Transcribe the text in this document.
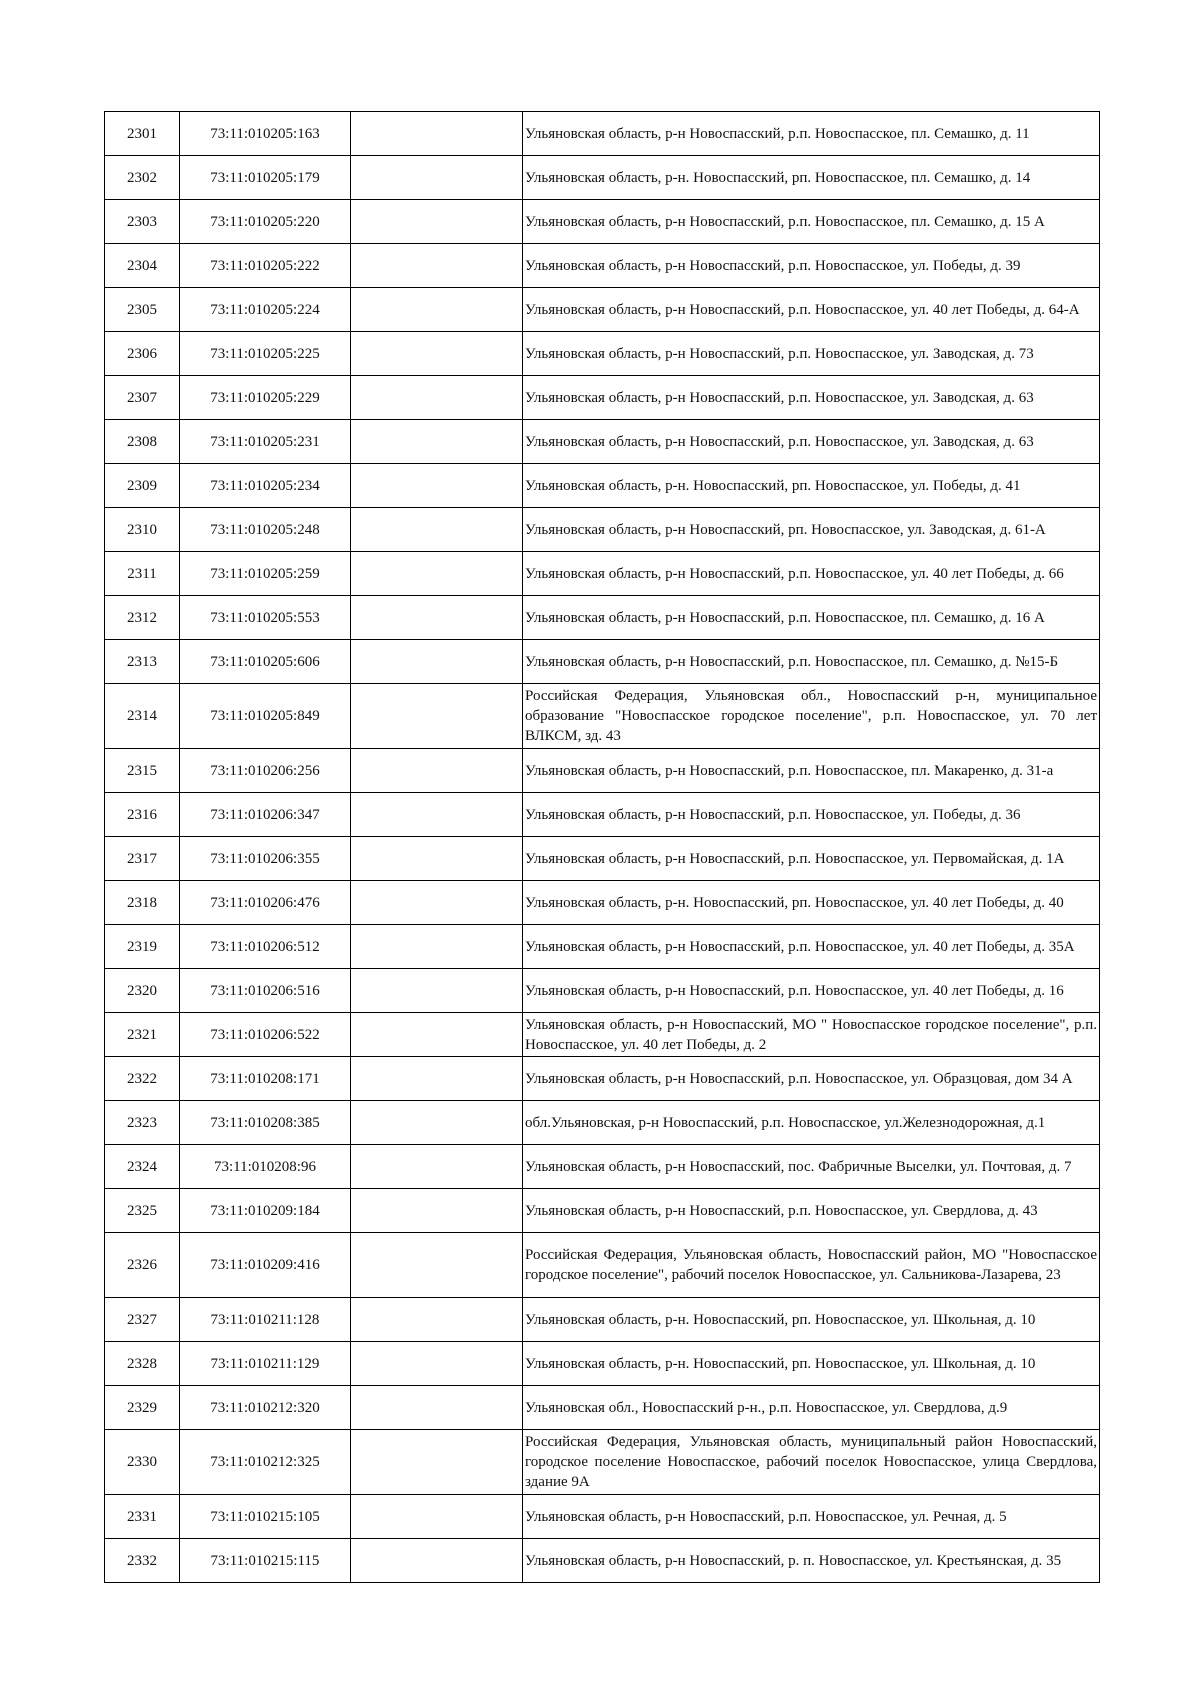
2301	73:11:010205:163		Ульяновская область, р-н Новоспасский, р.п. Новоспасское, пл. Семашко, д. 11
2302	73:11:010205:179		Ульяновская область, р-н. Новоспасский, рп. Новоспасское, пл. Семашко, д. 14
2303	73:11:010205:220		Ульяновская область, р-н Новоспасский, р.п. Новоспасское, пл. Семашко, д. 15 А
2304	73:11:010205:222		Ульяновская область, р-н Новоспасский, р.п. Новоспасское, ул. Победы, д. 39
2305	73:11:010205:224		Ульяновская область, р-н Новоспасский, р.п. Новоспасское, ул. 40 лет Победы, д. 64-А
2306	73:11:010205:225		Ульяновская область, р-н Новоспасский, р.п. Новоспасское, ул. Заводская, д. 73
2307	73:11:010205:229		Ульяновская область, р-н Новоспасский, р.п. Новоспасское, ул. Заводская, д. 63
2308	73:11:010205:231		Ульяновская область, р-н Новоспасский, р.п. Новоспасское, ул. Заводская, д. 63
2309	73:11:010205:234		Ульяновская область, р-н. Новоспасский, рп. Новоспасское, ул. Победы, д. 41
2310	73:11:010205:248		Ульяновская область, р-н Новоспасский, рп. Новоспасское, ул. Заводская, д. 61-А
2311	73:11:010205:259		Ульяновская область, р-н Новоспасский, р.п. Новоспасское, ул. 40 лет Победы, д. 66
2312	73:11:010205:553		Ульяновская область, р-н Новоспасский, р.п. Новоспасское, пл. Семашко, д. 16 А
2313	73:11:010205:606		Ульяновская область, р-н Новоспасский, р.п. Новоспасское, пл. Семашко, д. №15-Б
2314	73:11:010205:849		Российская Федерация, Ульяновская обл., Новоспасский р-н, муниципальное образование "Новоспасское городское поселение", р.п. Новоспасское, ул. 70 лет ВЛКСМ, зд. 43
2315	73:11:010206:256		Ульяновская область, р-н Новоспасский, р.п. Новоспасское, пл. Макаренко, д. 31-а
2316	73:11:010206:347		Ульяновская область, р-н Новоспасский, р.п. Новоспасское, ул. Победы, д. 36
2317	73:11:010206:355		Ульяновская область, р-н Новоспасский, р.п. Новоспасское, ул. Первомайская, д. 1А
2318	73:11:010206:476		Ульяновская область, р-н. Новоспасский, рп. Новоспасское, ул. 40 лет Победы, д. 40
2319	73:11:010206:512		Ульяновская область, р-н Новоспасский, р.п. Новоспасское, ул. 40 лет Победы, д. 35А
2320	73:11:010206:516		Ульяновская область, р-н Новоспасский, р.п. Новоспасское, ул. 40 лет Победы, д. 16
2321	73:11:010206:522		Ульяновская область, р-н Новоспасский, МО " Новоспасское городское поселение", р.п. Новоспасское, ул. 40 лет Победы, д. 2
2322	73:11:010208:171		Ульяновская область, р-н Новоспасский, р.п. Новоспасское, ул. Образцовая, дом 34 А
2323	73:11:010208:385		обл.Ульяновская, р-н Новоспасский, р.п. Новоспасское, ул.Железнодорожная, д.1
2324	73:11:010208:96		Ульяновская область, р-н Новоспасский, пос. Фабричные Выселки, ул. Почтовая, д. 7
2325	73:11:010209:184		Ульяновская область, р-н Новоспасский, р.п. Новоспасское, ул. Свердлова, д. 43
2326	73:11:010209:416		Российская Федерация, Ульяновская область, Новоспасский район, МО "Новоспасское городское поселение", рабочий поселок Новоспасское, ул. Сальникова-Лазарева, 23
2327	73:11:010211:128		Ульяновская область, р-н. Новоспасский, рп. Новоспасское, ул. Школьная, д. 10
2328	73:11:010211:129		Ульяновская область, р-н. Новоспасский, рп. Новоспасское, ул. Школьная, д. 10
2329	73:11:010212:320		Ульяновская обл., Новоспасский р-н., р.п. Новоспасское, ул. Свердлова, д.9
2330	73:11:010212:325		Российская Федерация, Ульяновская область, муниципальный район Новоспасский, городское поселение Новоспасское, рабочий поселок Новоспасское, улица Свердлова, здание 9А
2331	73:11:010215:105		Ульяновская область, р-н Новоспасский, р.п. Новоспасское, ул. Речная, д. 5
2332	73:11:010215:115		Ульяновская область, р-н Новоспасский, р. п. Новоспасское, ул. Крестьянская, д. 35
